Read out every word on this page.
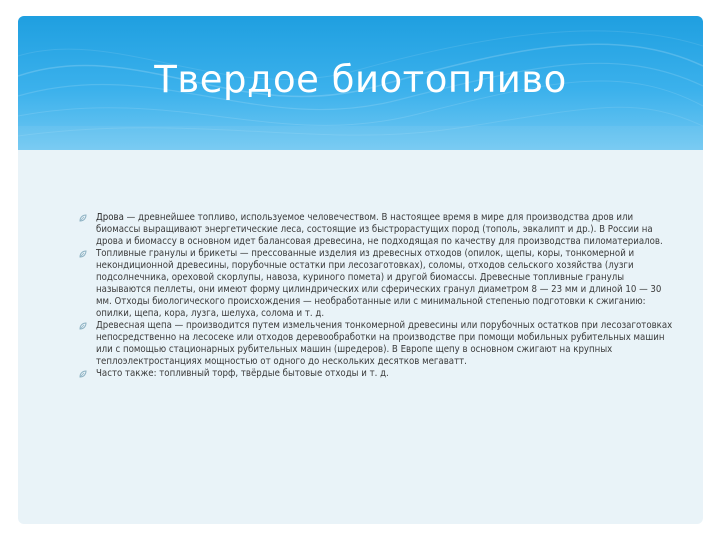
Твердое биотопливо
Дрова — древнейшее топливо, используемое человечеством. В настоящее время в мире для производства дров или биомассы выращивают энергетические леса, состоящие из быстрорастущих пород (тополь, эвкалипт и др.). В России на дрова и биомассу в основном идет балансовая древесина, не подходящая по качеству для производства пиломатериалов.
Топливные гранулы и брикеты — прессованные изделия из древесных отходов (опилок, щепы, коры, тонкомерной и некондиционной древесины, порубочные остатки при лесозаготовках), соломы, отходов сельского хозяйства (лузги подсолнечника, ореховой скорлупы, навоза, куриного помета) и другой биомассы. Древесные топливные гранулы называются пеллеты, они имеют форму цилиндрических или сферических гранул диаметром 8 — 23 мм и длиной 10 — 30 мм. Отходы биологического происхождения — необработанные или с минимальной степенью подготовки к сжиганию: опилки, щепа, кора, лузга, шелуха, солома и т. д.
Древесная щепа — производится путем измельчения тонкомерной древесины или порубочных остатков при лесозаготовках непосредственно на лесосеке или отходов деревообработки на производстве при помощи мобильных рубительных машин или с помощью стационарных рубительных машин (шредеров). В Европе щепу в основном сжигают на крупных теплоэлектростанциях мощностью от одного до нескольких десятков мегаватт.
Часто также: топливный торф, твёрдые бытовые отходы и т. д.
